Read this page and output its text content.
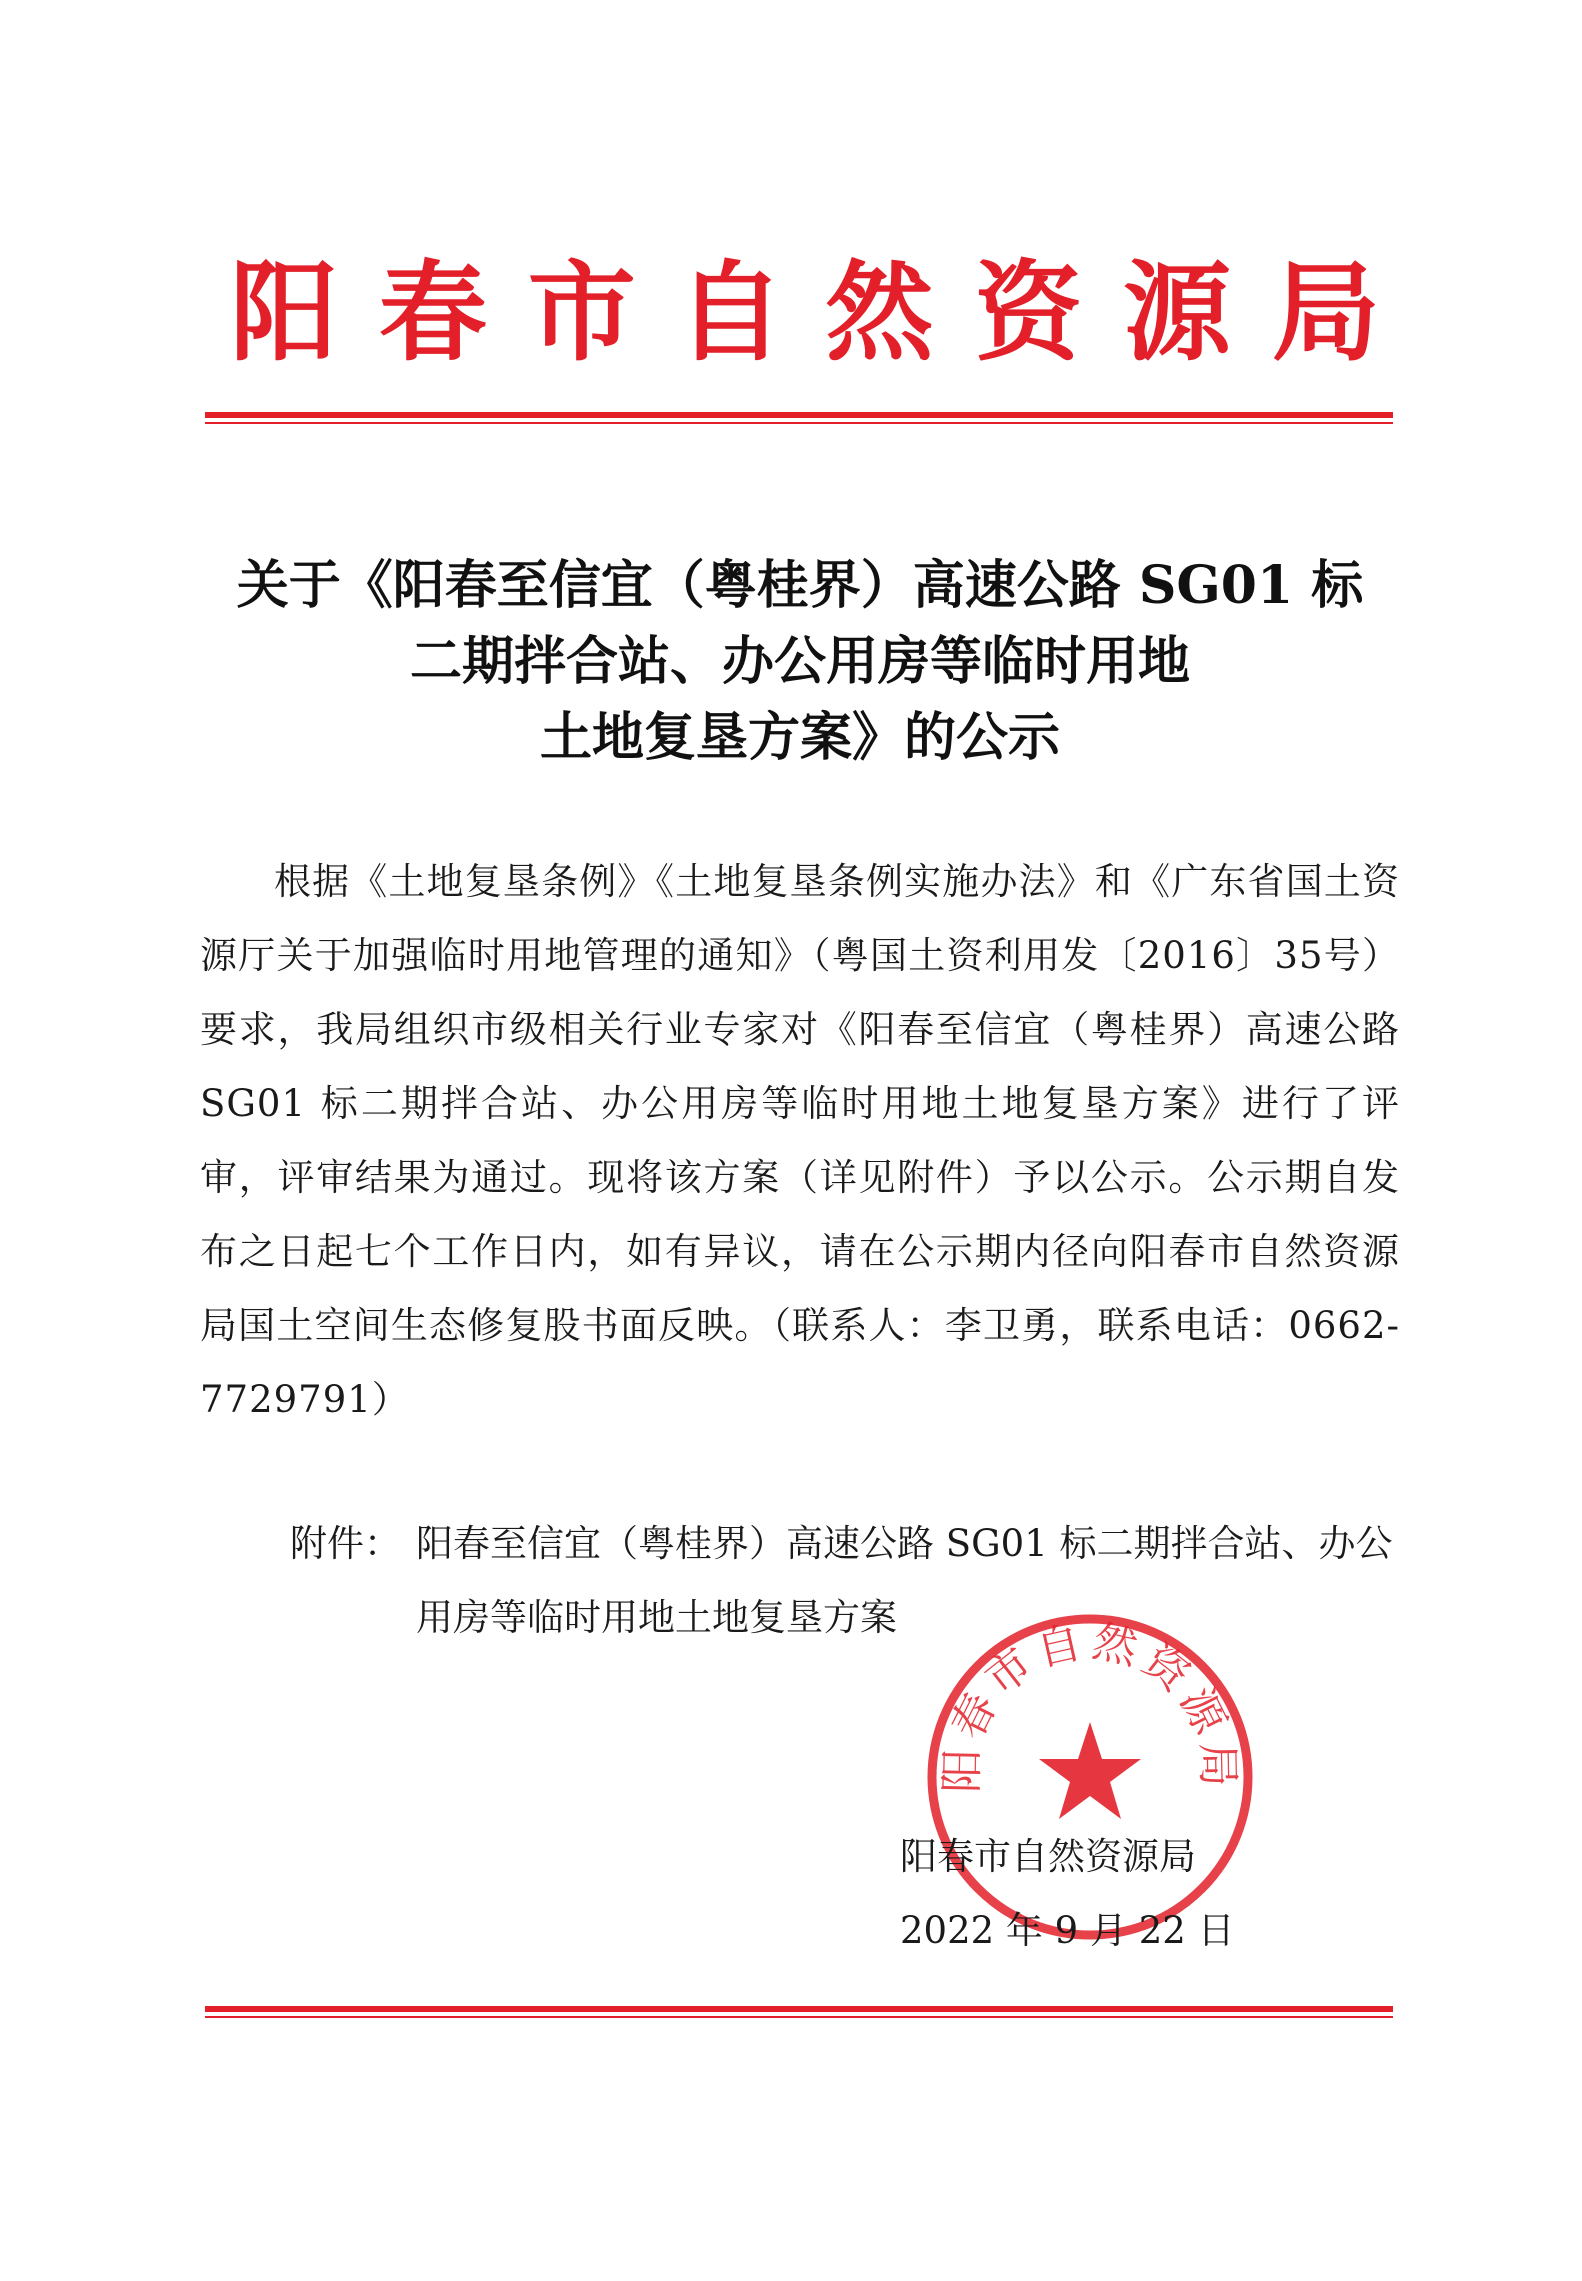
阳 春 市 自 然 资 源 局
关于《阳春至信宜（粤桂界）高速公路 SG01 标
二期拌合站、办公用房等临时用地
土地复垦方案》的公示
根据《土地复垦条例》《土地复垦条例实施办法》和《广东省国土资源厅关于加强临时用地管理的通知》（粤国土资利用发〔2016〕35号）要求，我局组织市级相关行业专家对《阳春至信宜（粤桂界）高速公路 SG01 标二期拌合站、办公用房等临时用地土地复垦方案》进行了评审，评审结果为通过。现将该方案（详见附件）予以公示。公示期自发布之日起七个工作日内，如有异议，请在公示期内径向阳春市自然资源局国土空间生态修复股书面反映。（联系人：李卫勇，联系电话：0662-7729791）
附件： 阳春至信宜（粤桂界）高速公路 SG01 标二期拌合站、办公用房等临时用地土地复垦方案
阳春市自然资源局
阳春市自然资源局
2022 年 9 月 22 日
